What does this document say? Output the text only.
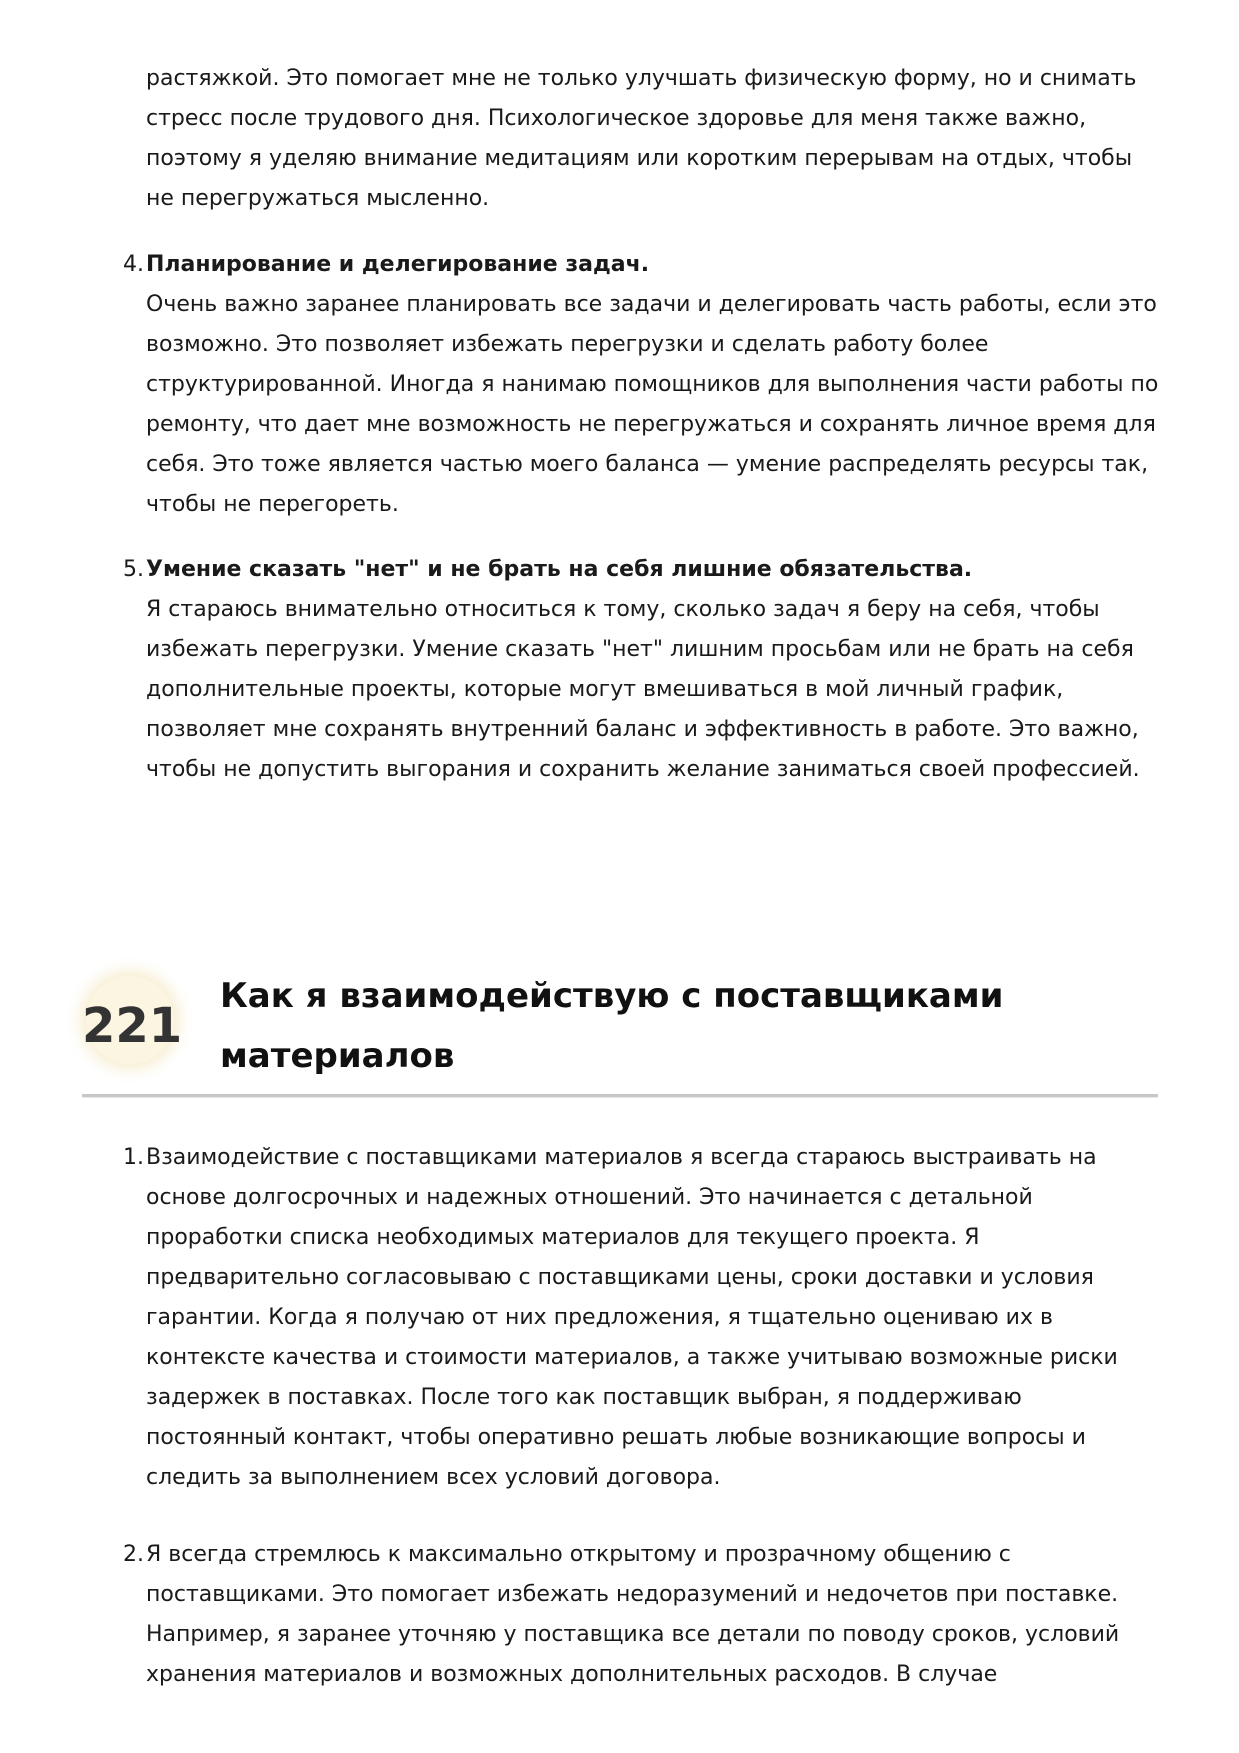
растяжкой. Это помогает мне не только улучшать физическую форму, но и снимать стресс после трудового дня. Психологическое здоровье для меня также важно, поэтому я уделяю внимание медитациям или коротким перерывам на отдых, чтобы не перегружаться мысленно.
4. Планирование и делегирование задач.
Очень важно заранее планировать все задачи и делегировать часть работы, если это возможно. Это позволяет избежать перегрузки и сделать работу более структурированной. Иногда я нанимаю помощников для выполнения части работы по ремонту, что дает мне возможность не перегружаться и сохранять личное время для себя. Это тоже является частью моего баланса — умение распределять ресурсы так, чтобы не перегореть.
5. Умение сказать "нет" и не брать на себя лишние обязательства.
Я стараюсь внимательно относиться к тому, сколько задач я беру на себя, чтобы избежать перегрузки. Умение сказать "нет" лишним просьбам или не брать на себя дополнительные проекты, которые могут вмешиваться в мой личный график, позволяет мне сохранять внутренний баланс и эффективность в работе. Это важно, чтобы не допустить выгорания и сохранить желание заниматься своей профессией.
221
Как я взаимодействую с поставщиками материалов
1. Взаимодействие с поставщиками материалов я всегда стараюсь выстраивать на основе долгосрочных и надежных отношений. Это начинается с детальной проработки списка необходимых материалов для текущего проекта. Я предварительно согласовываю с поставщиками цены, сроки доставки и условия гарантии. Когда я получаю от них предложения, я тщательно оцениваю их в контексте качества и стоимости материалов, а также учитываю возможные риски задержек в поставках. После того как поставщик выбран, я поддерживаю постоянный контакт, чтобы оперативно решать любые возникающие вопросы и следить за выполнением всех условий договора.
2. Я всегда стремлюсь к максимально открытому и прозрачному общению с поставщиками. Это помогает избежать недоразумений и недочетов при поставке. Например, я заранее уточняю у поставщика все детали по поводу сроков, условий хранения материалов и возможных дополнительных расходов. В случае
